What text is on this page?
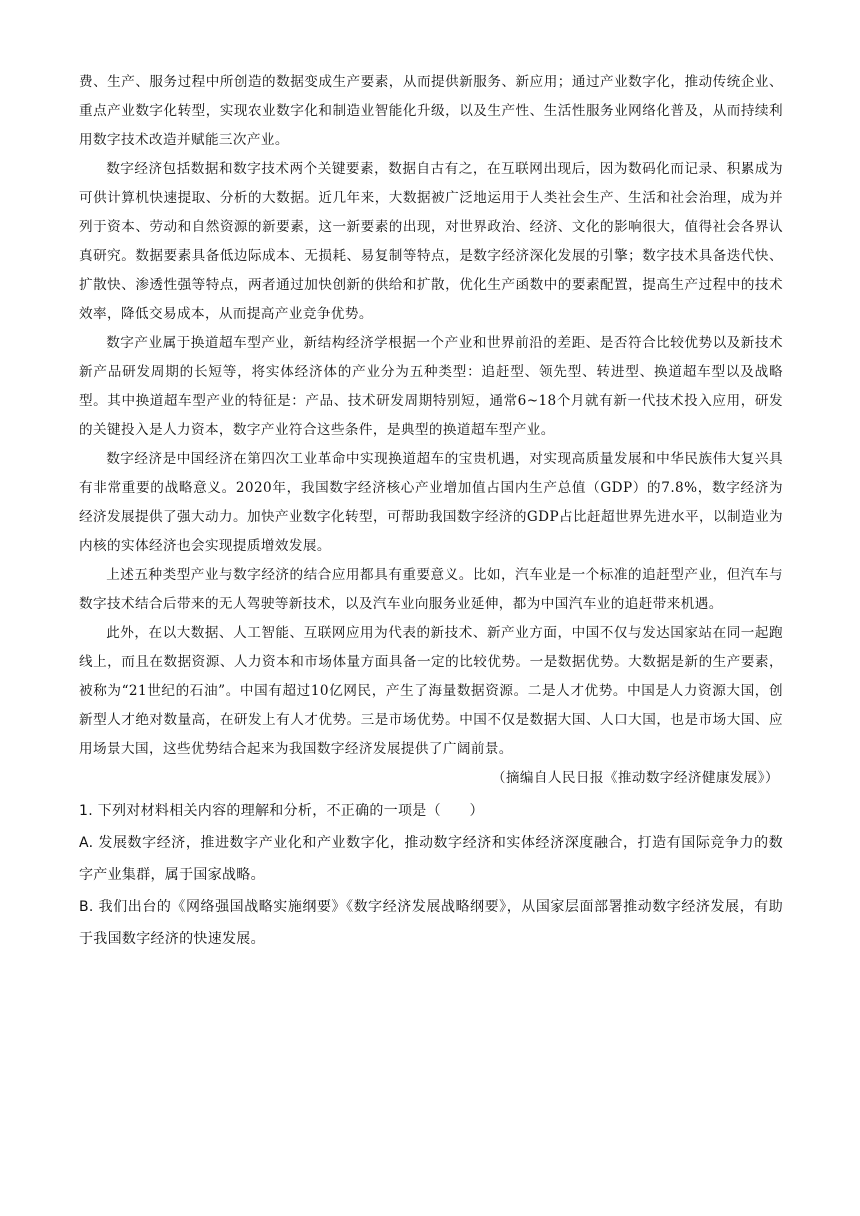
费、生产、服务过程中所创造的数据变成生产要素，从而提供新服务、新应用；通过产业数字化，推动传统企业、重点产业数字化转型，实现农业数字化和制造业智能化升级，以及生产性、生活性服务业网络化普及，从而持续利用数字技术改造并赋能三次产业。

数字经济包括数据和数字技术两个关键要素，数据自古有之，在互联网出现后，因为数码化而记录、积累成为可供计算机快速提取、分析的大数据。近几年来，大数据被广泛地运用于人类社会生产、生活和社会治理，成为并列于资本、劳动和自然资源的新要素，这一新要素的出现，对世界政治、经济、文化的影响很大，值得社会各界认真研究。数据要素具备低边际成本、无损耗、易复制等特点，是数字经济深化发展的引擎；数字技术具备迭代快、扩散快、渗透性强等特点，两者通过加快创新的供给和扩散，优化生产函数中的要素配置，提高生产过程中的技术效率，降低交易成本，从而提高产业竞争优势。

数字产业属于换道超车型产业，新结构经济学根据一个产业和世界前沿的差距、是否符合比较优势以及新技术新产品研发周期的长短等，将实体经济体的产业分为五种类型：追赶型、领先型、转进型、换道超车型以及战略型。其中换道超车型产业的特征是：产品、技术研发周期特别短，通常6~18个月就有新一代技术投入应用，研发的关键投入是人力资本，数字产业符合这些条件，是典型的换道超车型产业。

数字经济是中国经济在第四次工业革命中实现换道超车的宝贵机遇，对实现高质量发展和中华民族伟大复兴具有非常重要的战略意义。2020年，我国数字经济核心产业增加值占国内生产总值（GDP）的7.8%，数字经济为经济发展提供了强大动力。加快产业数字化转型，可帮助我国数字经济的GDP占比赶超世界先进水平，以制造业为内核的实体经济也会实现提质增效发展。

上述五种类型产业与数字经济的结合应用都具有重要意义。比如，汽车业是一个标准的追赶型产业，但汽车与数字技术结合后带来的无人驾驶等新技术，以及汽车业向服务业延伸，都为中国汽车业的追赶带来机遇。

此外，在以大数据、人工智能、互联网应用为代表的新技术、新产业方面，中国不仅与发达国家站在同一起跑线上，而且在数据资源、人力资本和市场体量方面具备一定的比较优势。一是数据优势。大数据是新的生产要素，被称为“21世纪的石油”。中国有超过10亿网民，产生了海量数据资源。二是人才优势。中国是人力资源大国，创新型人才绝对数量高，在研发上有人才优势。三是市场优势。中国不仅是数据大国、人口大国，也是市场大国、应用场景大国，这些优势结合起来为我国数字经济发展提供了广阔前景。

（摘编自人民日报《推动数字经济健康发展》）

1. 下列对材料相关内容的理解和分析，不正确的一项是（　　）

A. 发展数字经济，推进数字产业化和产业数字化，推动数字经济和实体经济深度融合，打造有国际竞争力的数字产业集群，属于国家战略。

B. 我们出台的《网络强国战略实施纲要》《数字经济发展战略纲要》，从国家层面部署推动数字经济发展，有助于我国数字经济的快速发展。
